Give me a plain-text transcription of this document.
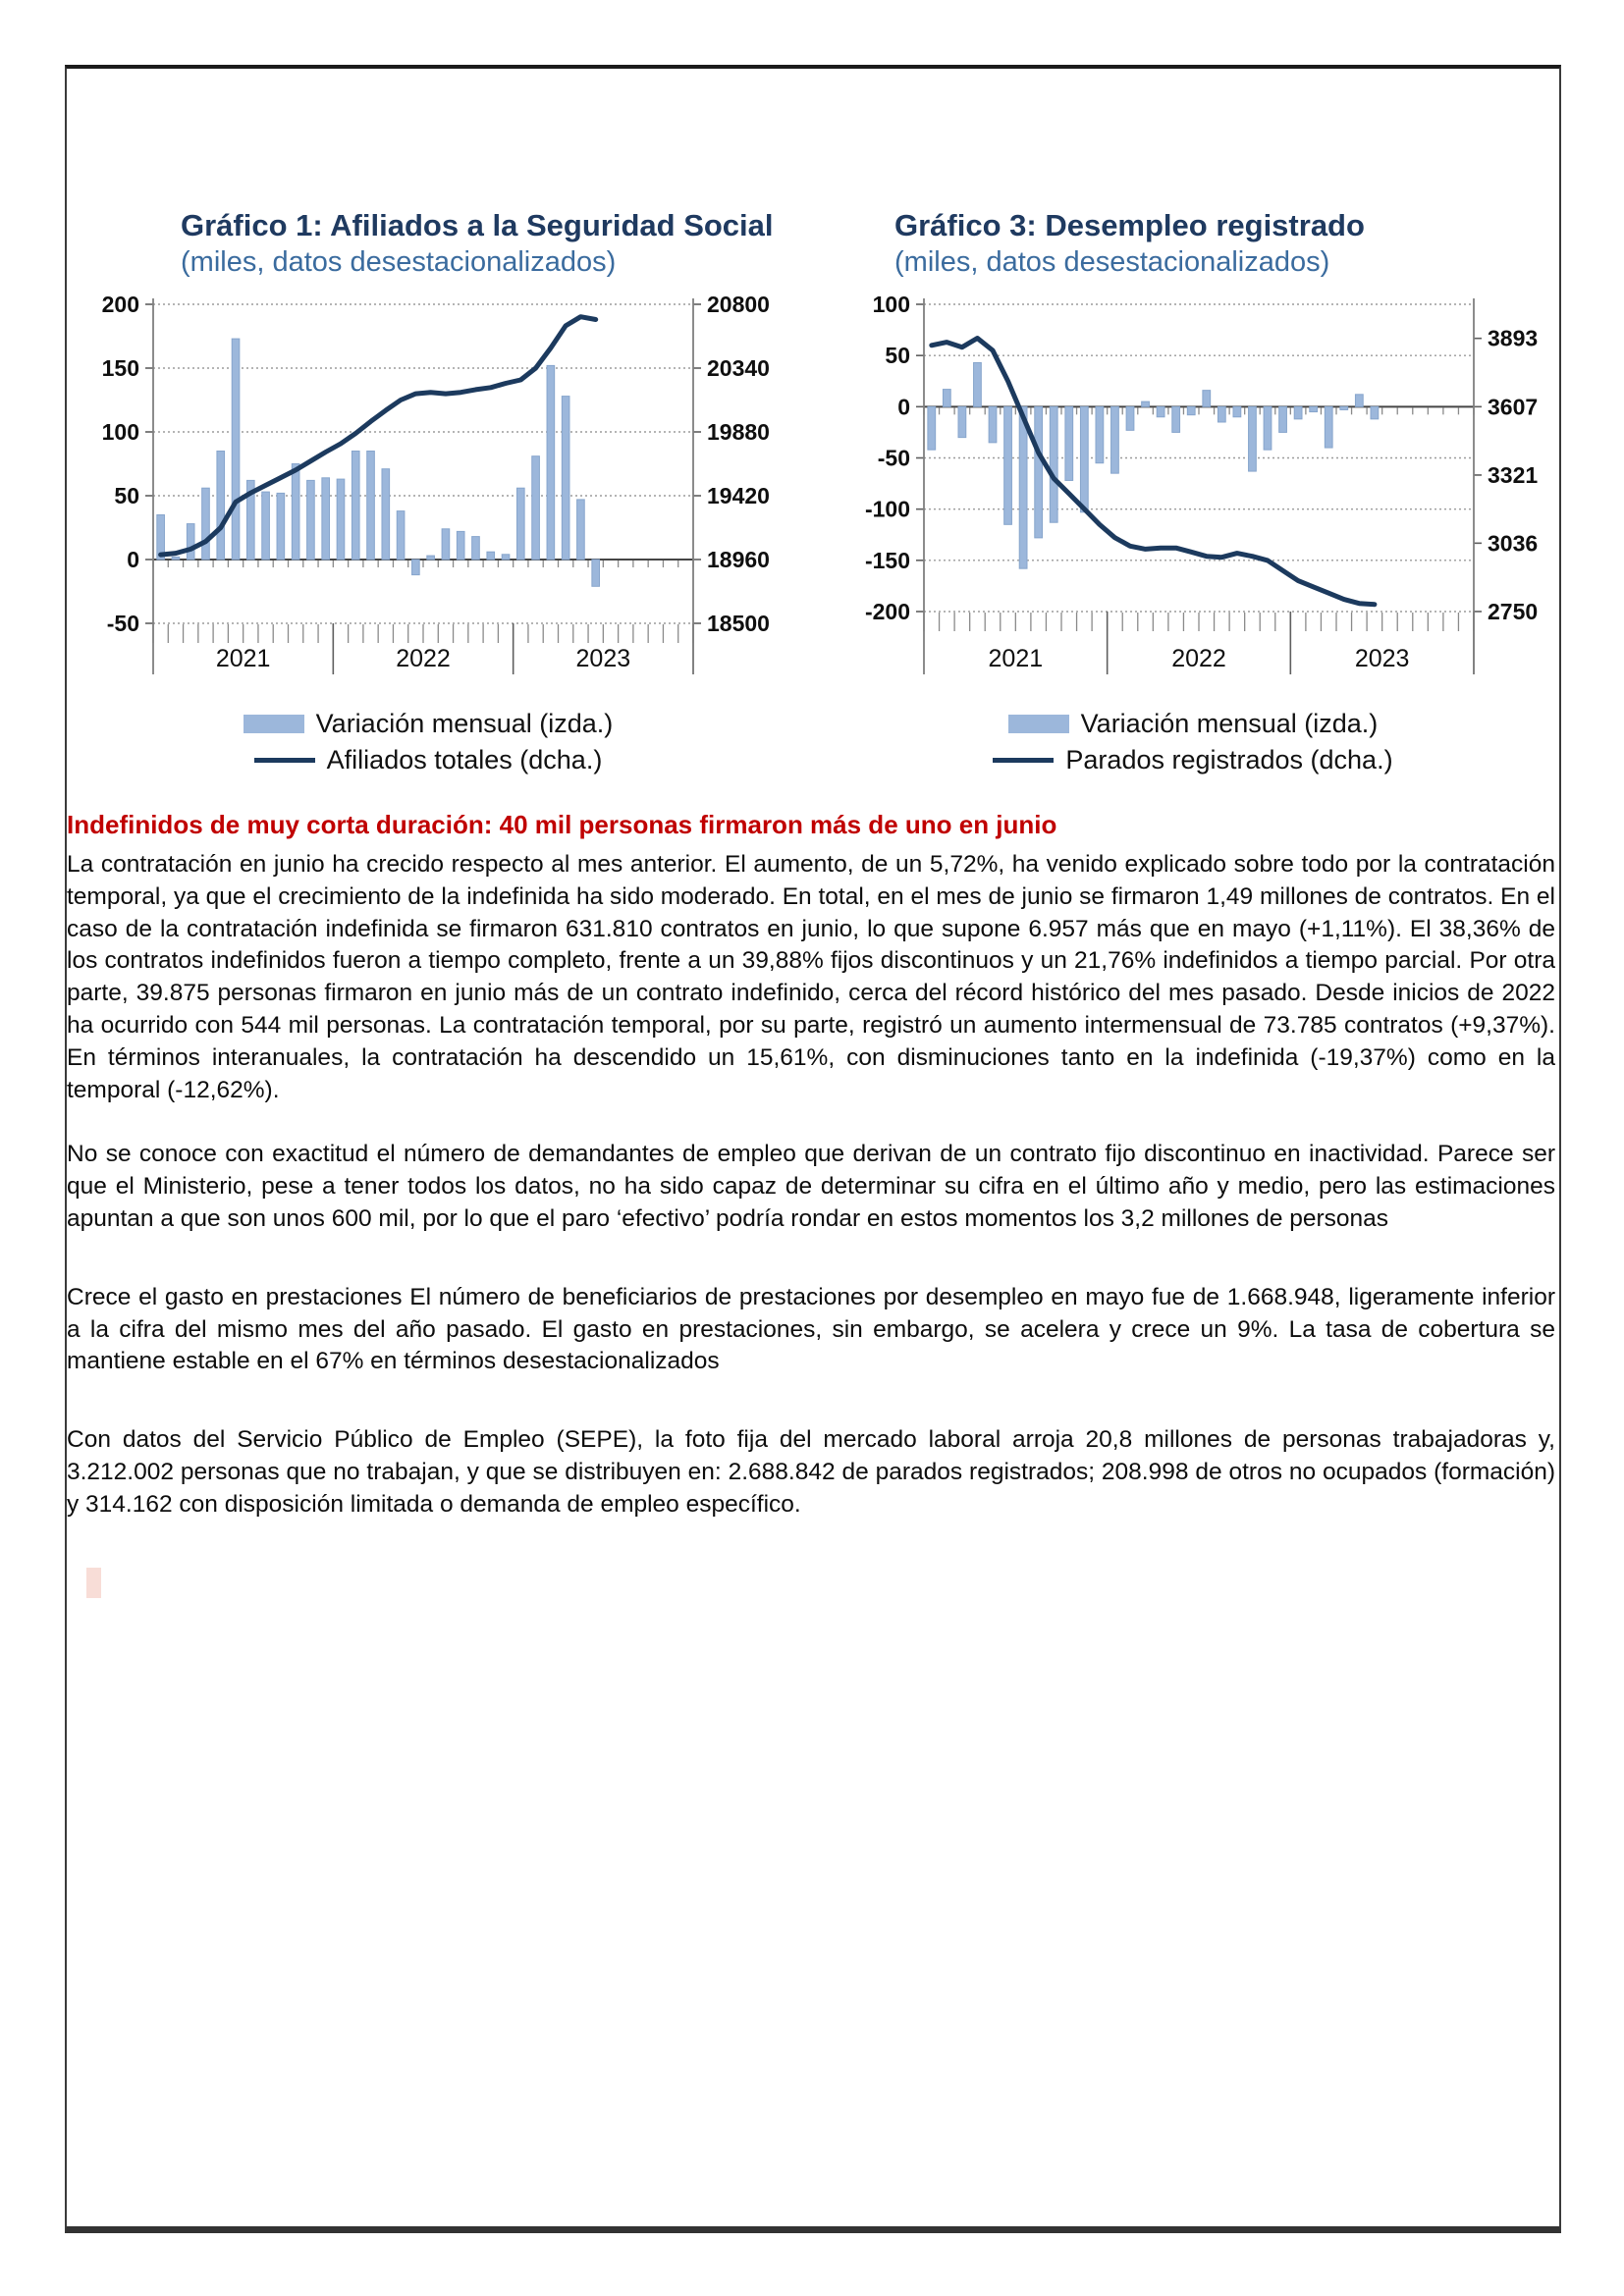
Gráfico 1: Afiliados a la Seguridad Social
(miles, datos desestacionalizados)
200
150
100
50
0
-50
20800
20340
19880
19420
18960
18500
2021	2022	2023
Variación mensual (izda.)
Afiliados totales (dcha.)
Gráfico 3: Desempleo registrado
(miles, datos desestacionalizados)
100
50
0
-50
-100
-150
-200
3893
3607
3321
3036
2750
2021	2022	2023
Variación mensual (izda.)
Parados registrados (dcha.)
Indefinidos de muy corta duración: 40 mil personas firmaron más de uno en junio

La contratación en junio ha crecido respecto al mes anterior. El aumento, de un 5,72%, ha venido explicado sobre todo por la contratación temporal, ya que el crecimiento de la indefinida ha sido moderado. En total, en el mes de junio se firmaron 1,49 millones de contratos. En el caso de la contratación indefinida se firmaron 631.810 contratos en junio, lo que supone 6.957 más que en mayo (+1,11%). El 38,36% de los contratos indefinidos fueron a tiempo completo, frente a un 39,88% fijos discontinuos y un 21,76% indefinidos a tiempo parcial. Por otra parte, 39.875 personas firmaron en junio más de un contrato indefinido, cerca del récord histórico del mes pasado. Desde inicios de 2022 ha ocurrido con 544 mil personas. La contratación temporal, por su parte, registró un aumento intermensual de 73.785 contratos (+9,37%). En términos interanuales, la contratación ha descendido un 15,61%, con disminuciones tanto en la indefinida (-19,37%) como en la temporal (-12,62%).

No se conoce con exactitud el número de demandantes de empleo que derivan de un contrato fijo discontinuo en inactividad. Parece ser que el Ministerio, pese a tener todos los datos, no ha sido capaz de determinar su cifra en el último año y medio, pero las estimaciones apuntan a que son unos 600 mil, por lo que el paro ‘efectivo’ podría rondar en estos momentos los 3,2 millones de personas

Crece el gasto en prestaciones El número de beneficiarios de prestaciones por desempleo en mayo fue de 1.668.948, ligeramente inferior a la cifra del mismo mes del año pasado. El gasto en prestaciones, sin embargo, se acelera y crece un 9%. La tasa de cobertura se mantiene estable en el 67% en términos desestacionalizados

Con datos del Servicio Público de Empleo (SEPE), la foto fija del mercado laboral arroja 20,8 millones de personas trabajadoras y, 3.212.002 personas que no trabajan, y que se distribuyen en: 2.688.842 de parados registrados; 208.998 de otros no ocupados (formación) y 314.162 con disposición limitada o demanda de empleo específico.
